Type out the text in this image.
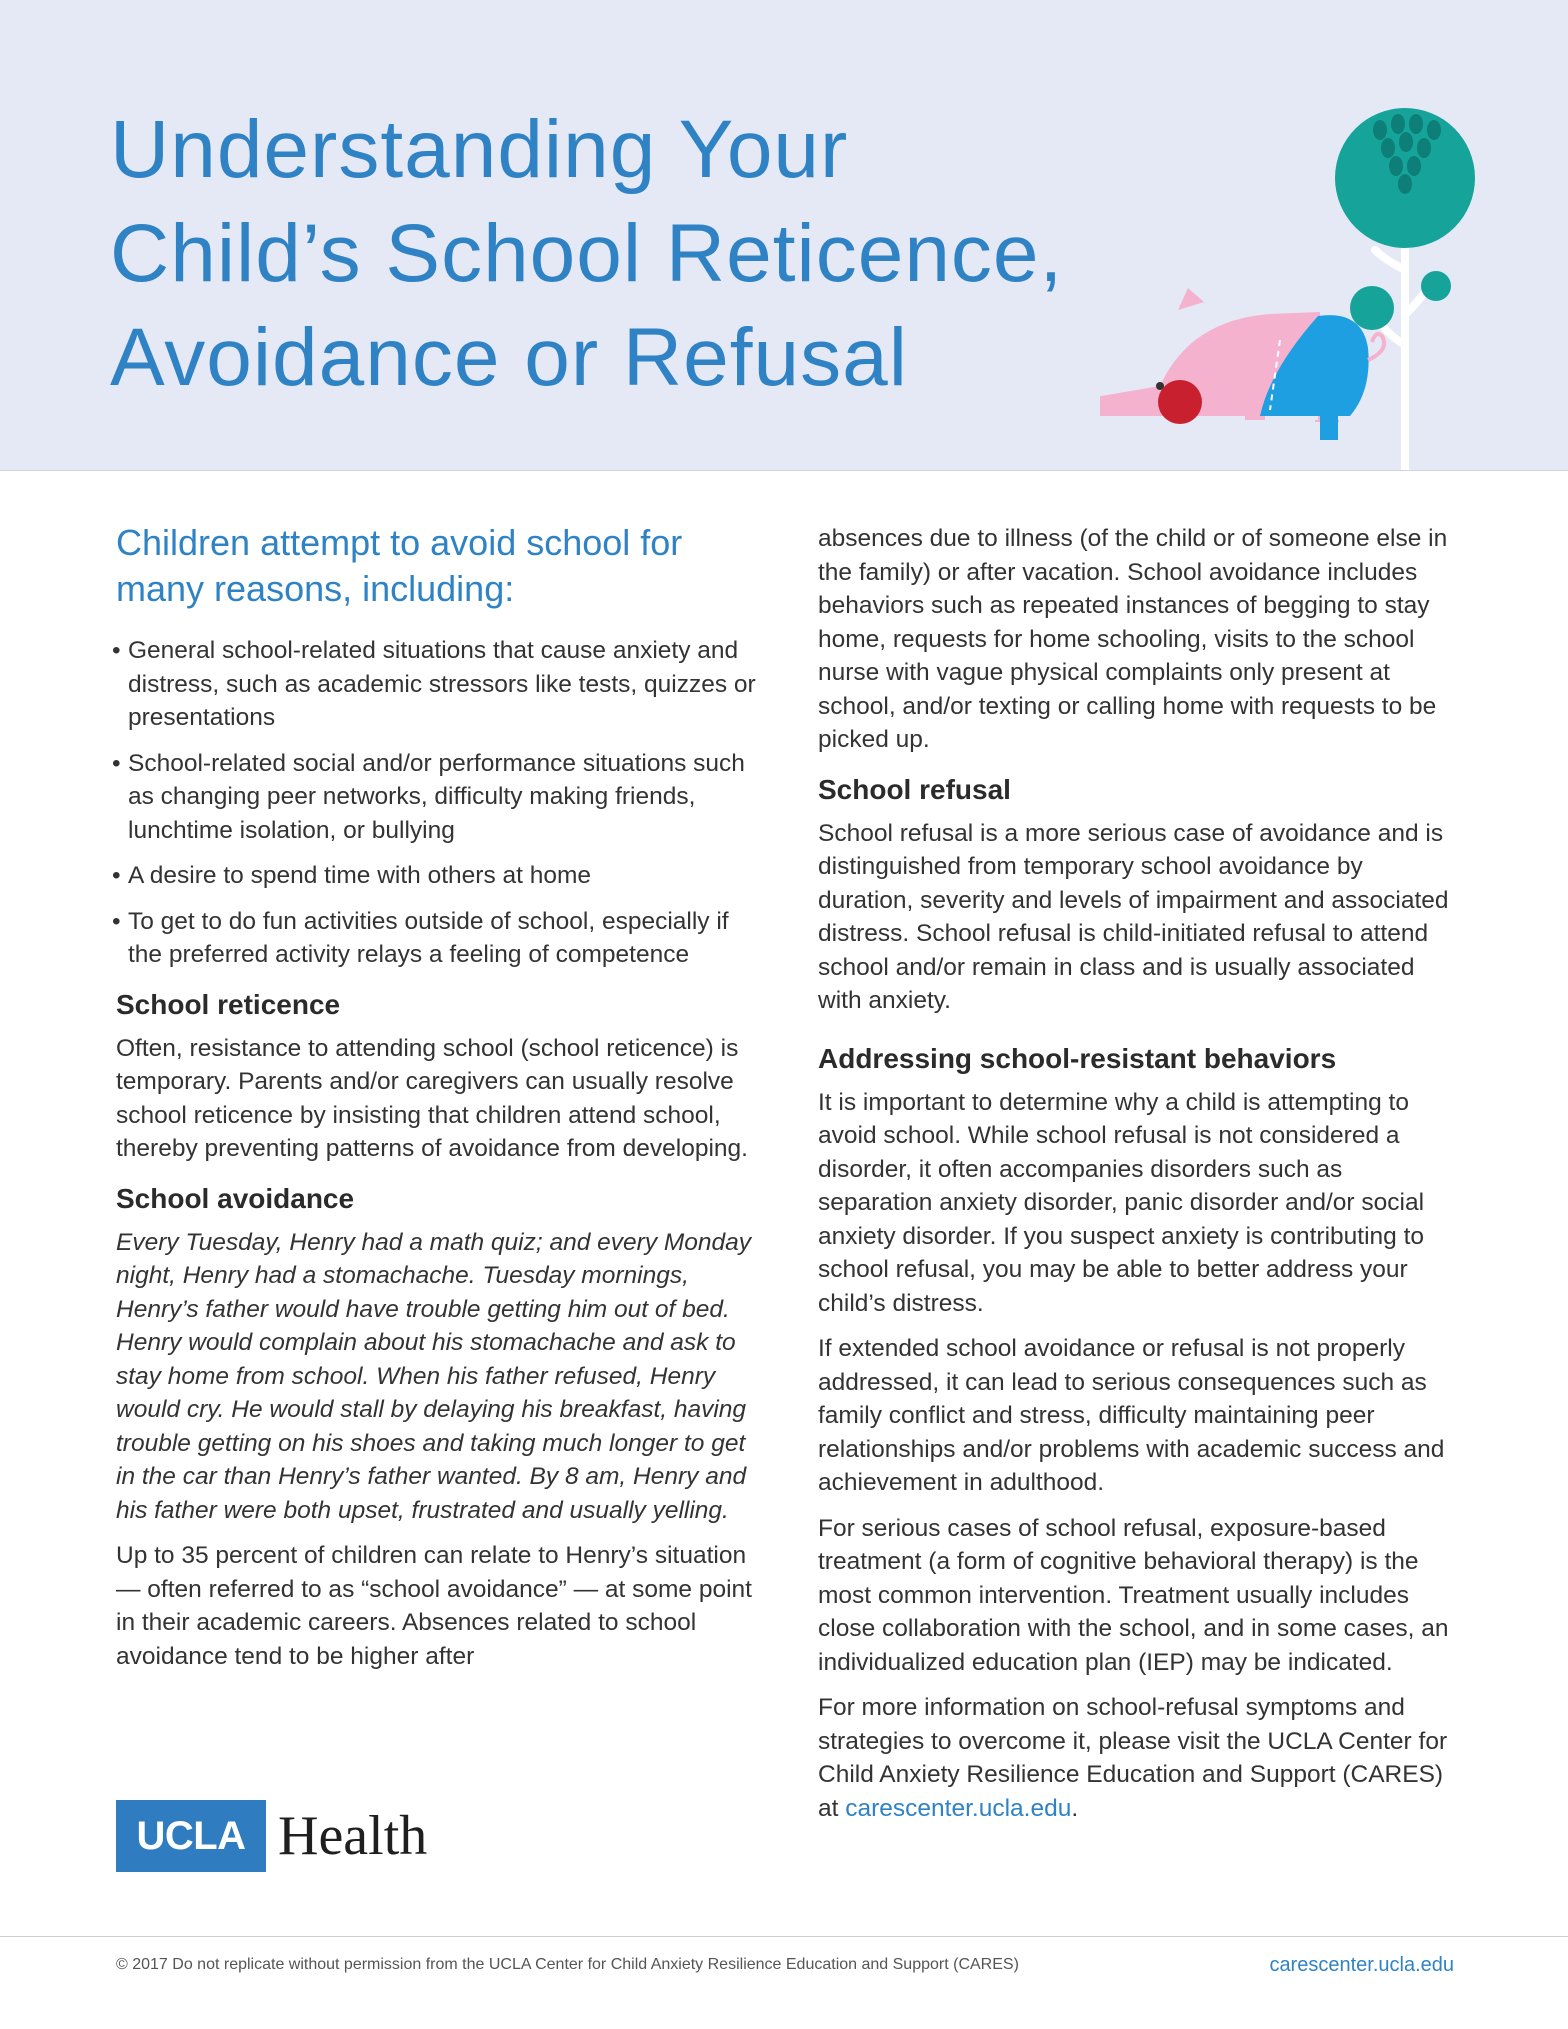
Understanding Your
Child’s School Reticence,
Avoidance or Refusal
Children attempt to avoid school for many reasons, including:
• General school-related situations that cause anxiety and distress, such as academic stressors like tests, quizzes or presentations
• School-related social and/or performance situations such as changing peer networks, difficulty making friends, lunchtime isolation, or bullying
• A desire to spend time with others at home
• To get to do fun activities outside of school, especially if the preferred activity relays a feeling of competence
School reticence

Often, resistance to attending school (school reticence) is temporary. Parents and/or caregivers can usually resolve school reticence by insisting that children attend school, thereby preventing patterns of avoidance from developing.

School avoidance

Every Tuesday, Henry had a math quiz; and every Monday night, Henry had a stomachache. Tuesday mornings, Henry’s father would have trouble getting him out of bed. Henry would complain about his stomachache and ask to stay home from school. When his father refused, Henry would cry. He would stall by delaying his breakfast, having trouble getting on his shoes and taking much longer to get in the car than Henry’s father wanted. By 8 am, Henry and his father were both upset, frustrated and usually yelling.

Up to 35 percent of children can relate to Henry’s situation — often referred to as “school avoidance” — at some point in their academic careers. Absences related to school avoidance tend to be higher after

absences due to illness (of the child or of someone else in the family) or after vacation. School avoidance includes behaviors such as repeated instances of begging to stay home, requests for home schooling, visits to the school nurse with vague physical complaints only present at school, and/or texting or calling home with requests to be picked up.

School refusal

School refusal is a more serious case of avoidance and is distinguished from temporary school avoidance by duration, severity and levels of impairment and associated distress. School refusal is child-initiated refusal to attend school and/or remain in class and is usually associated with anxiety.

Addressing school-resistant behaviors

It is important to determine why a child is attempting to avoid school. While school refusal is not considered a disorder, it often accompanies disorders such as separation anxiety disorder, panic disorder and/or social anxiety disorder. If you suspect anxiety is contributing to school refusal, you may be able to better address your child’s distress.

If extended school avoidance or refusal is not properly addressed, it can lead to serious consequences such as family conflict and stress, difficulty maintaining peer relationships and/or problems with academic success and achievement in adulthood.

For serious cases of school refusal, exposure-based treatment (a form of cognitive behavioral therapy) is the most common intervention. Treatment usually includes close collaboration with the school, and in some cases, an individualized education plan (IEP) may be indicated.

For more information on school-refusal symptoms and strategies to overcome it, please visit the UCLA Center for Child Anxiety Resilience Education and Support (CARES) at carescenter.ucla.edu.

UCLA Health
© 2017 Do not replicate without permission from the UCLA Center for Child Anxiety Resilience Education and Support (CARES)	carescenter.ucla.edu
